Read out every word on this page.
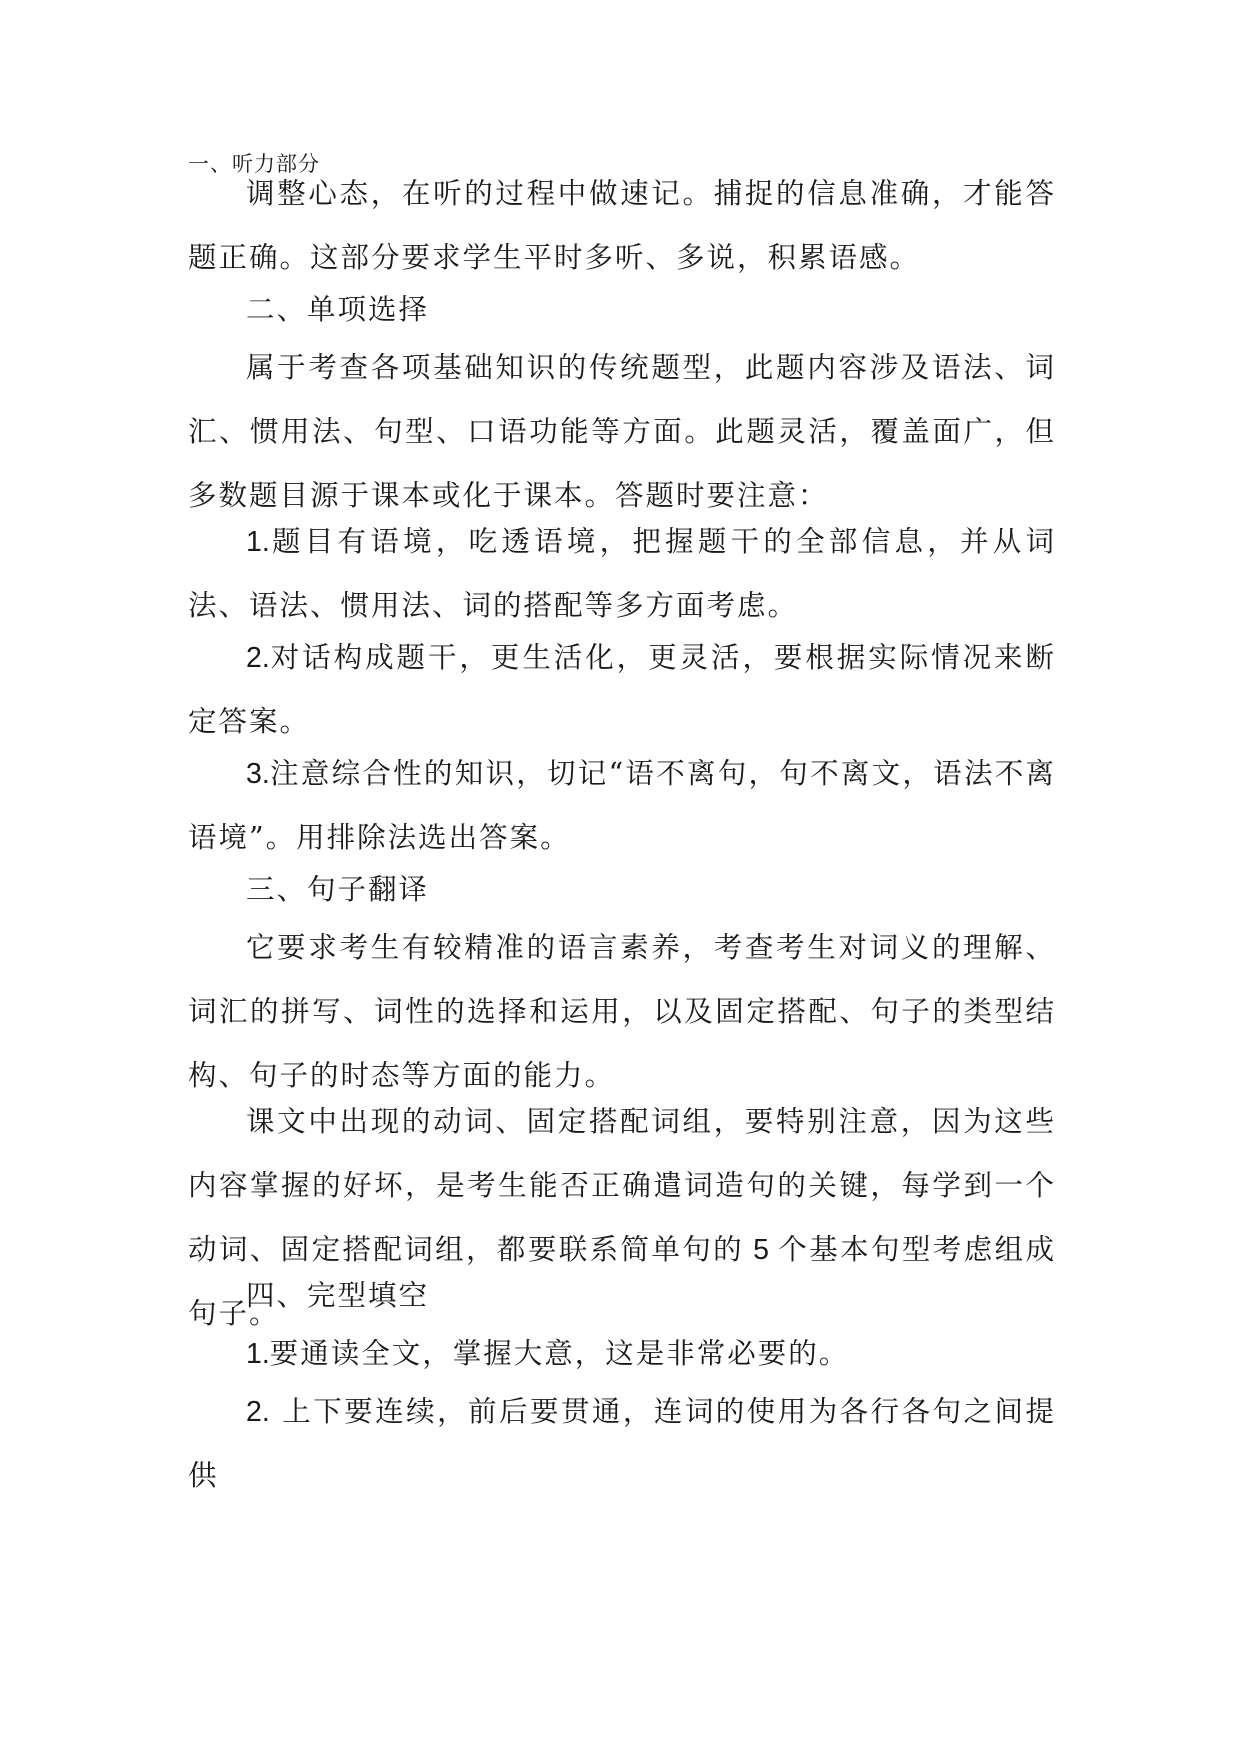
一、听力部分

调整心态，在听的过程中做速记。捕捉的信息准确，才能答题正确。这部分要求学生平时多听、多说，积累语感。

二、单项选择

属于考查各项基础知识的传统题型，此题内容涉及语法、词汇、惯用法、句型、口语功能等方面。此题灵活，覆盖面广，但多数题目源于课本或化于课本。答题时要注意：

1.题目有语境，吃透语境，把握题干的全部信息，并从词法、语法、惯用法、词的搭配等多方面考虑。

2.对话构成题干，更生活化，更灵活，要根据实际情况来断定答案。

3.注意综合性的知识，切记“语不离句，句不离文，语法不离语境”。用排除法选出答案。

三、句子翻译

它要求考生有较精准的语言素养，考查考生对词义的理解、词汇的拼写、词性的选择和运用，以及固定搭配、句子的类型结构、句子的时态等方面的能力。

课文中出现的动词、固定搭配词组，要特别注意，因为这些内容掌握的好坏，是考生能否正确遣词造句的关键，每学到一个动词、固定搭配词组，都要联系简单句的 5 个基本句型考虑组成句子。

四、完型填空

1.要通读全文，掌握大意，这是非常必要的。

2. 上下要连续，前后要贯通，连词的使用为各行各句之间提供
